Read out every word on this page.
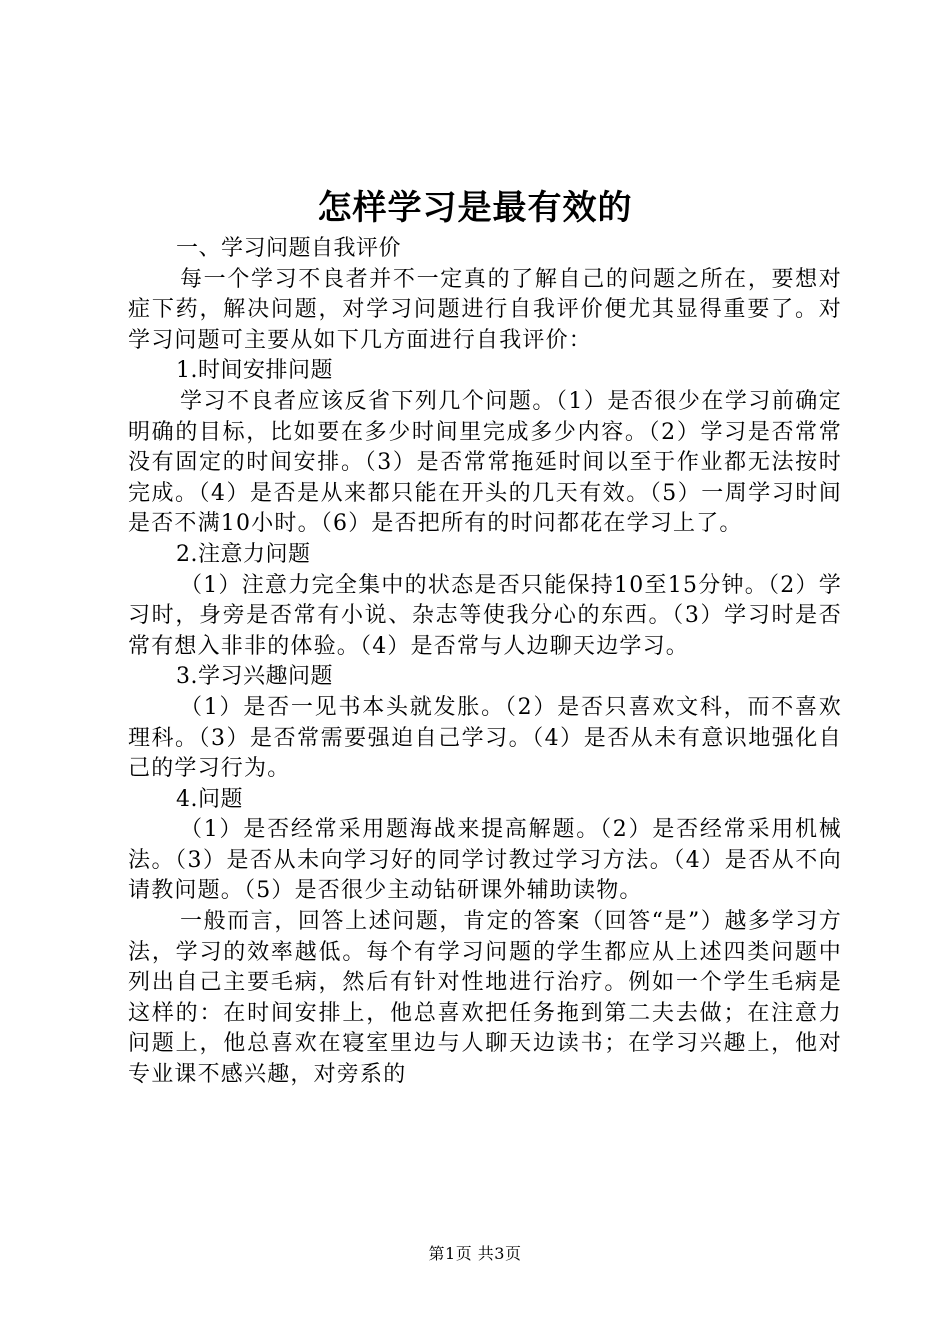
怎样学习是最有效的

一、学习问题自我评价

每一个学习不良者并不一定真的了解自己的问题之所在，要想对症下药，解决问题，对学习问题进行自我评价便尤其显得重要了。对学习问题可主要从如下几方面进行自我评价：

1.时间安排问题

学习不良者应该反省下列几个问题。（1）是否很少在学习前确定明确的目标，比如要在多少时间里完成多少内容。（2）学习是否常常没有固定的时间安排。（3）是否常常拖延时间以至于作业都无法按时完成。（4）是否是从来都只能在开头的几天有效。（5）一周学习时间是否不满10小时。（6）是否把所有的时问都花在学习上了。

2.注意力问题

（1）注意力完全集中的状态是否只能保持10至15分钟。（2）学习时，身旁是否常有小说、杂志等使我分心的东西。（3）学习时是否常有想入非非的体验。（4）是否常与人边聊天边学习。

3.学习兴趣问题

（1）是否一见书本头就发胀。（2）是否只喜欢文科，而不喜欢理科。（3）是否常需要强迫自己学习。（4）是否从未有意识地强化自己的学习行为。

4.问题

（1）是否经常采用题海战来提高解题。（2）是否经常采用机械法。（3）是否从未向学习好的同学讨教过学习方法。（4）是否从不向请教问题。（5）是否很少主动钻研课外辅助读物。

一般而言，回答上述问题，肯定的答案（回答“是”）越多学习方法，学习的效率越低。每个有学习问题的学生都应从上述四类问题中列出自己主要毛病，然后有针对性地进行治疗。例如一个学生毛病是这样的：在时间安排上，他总喜欢把任务拖到第二夫去做；在注意力问题上，他总喜欢在寝室里边与人聊天边读书；在学习兴趣上，他对专业课不感兴趣，对旁系的

第1页 共3页
